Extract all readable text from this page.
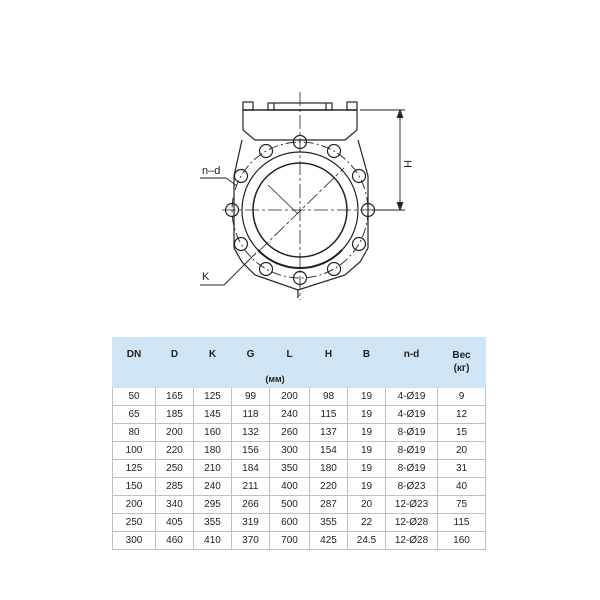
n–d
K
H
DN	D	K	G	L	H	B	n-d	Вес
(кг)
(мм)								
50	165	125	99	200	98	19	4-Ø19	9
65	185	145	118	240	115	19	4-Ø19	12
80	200	160	132	260	137	19	8-Ø19	15
100	220	180	156	300	154	19	8-Ø19	20
125	250	210	184	350	180	19	8-Ø19	31
150	285	240	211	400	220	19	8-Ø23	40
200	340	295	266	500	287	20	12-Ø23	75
250	405	355	319	600	355	22	12-Ø28	115
300	460	410	370	700	425	24.5	12-Ø28	160
